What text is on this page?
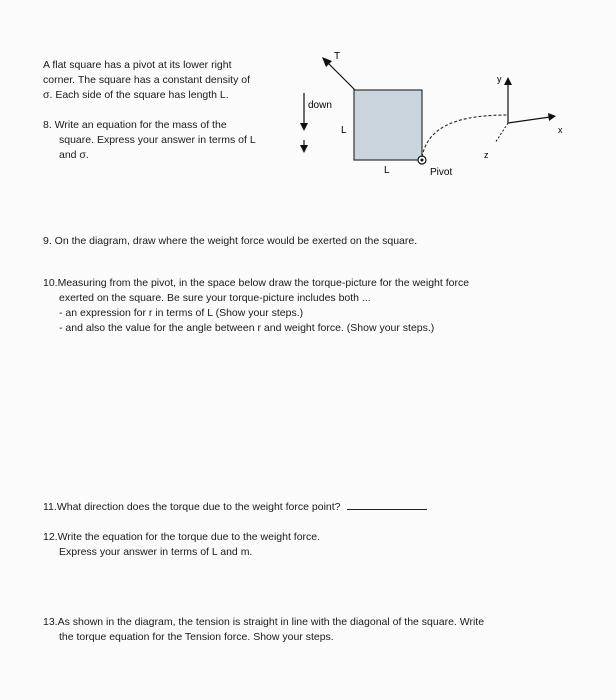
A flat square has a pivot at its lower right
corner. The square has a constant density of
σ. Each side of the square has length L.
8. Write an equation for the mass of the
square. Express your answer in terms of L
and σ.
T
down
L
L	Pivot
y
x
z
9. On the diagram, draw where the weight force would be exerted on the square.
10.Measuring from the pivot, in the space below draw the torque-picture for the weight force
exerted on the square. Be sure your torque-picture includes both ...
- an expression for r in terms of L (Show your steps.)
- and also the value for the angle between r and weight force. (Show your steps.)
11.What direction does the torque due to the weight force point?
12.Write the equation for the torque due to the weight force.
Express your answer in terms of L and m.
13.As shown in the diagram, the tension is straight in line with the diagonal of the square. Write
the torque equation for the Tension force. Show your steps.
